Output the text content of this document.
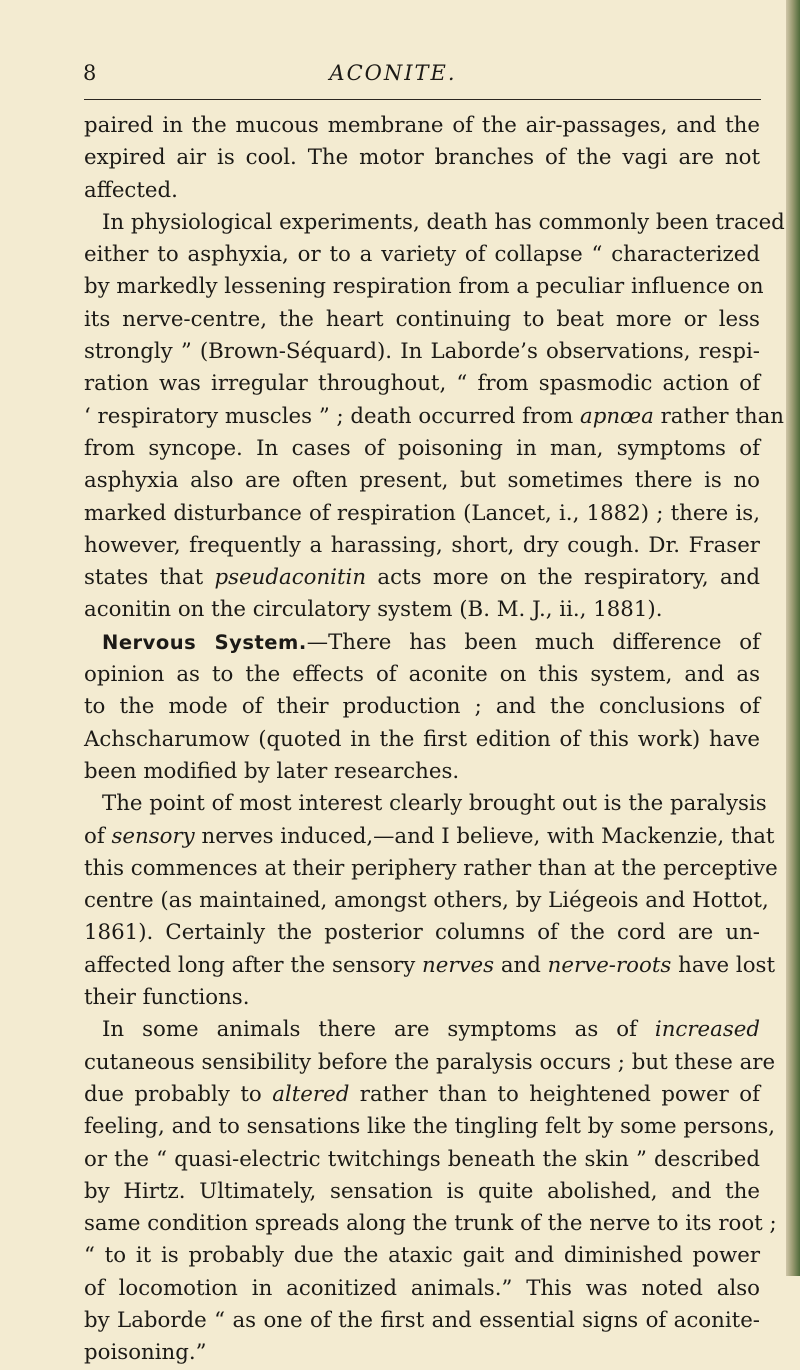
8	ACONITE.
paired in the mucous membrane of the air-passages, and the
expired air is cool. The motor branches of the vagi are not
affected.
In physiological experiments, death has commonly been traced
either to asphyxia, or to a variety of collapse “ characterized
by markedly lessening respiration from a peculiar influence on
its nerve-centre, the heart continuing to beat more or less
strongly ” (Brown-Séquard). In Laborde’s observations, respi-
ration was irregular throughout, “ from spasmodic action of
‘ respiratory muscles ” ; death occurred from apnœa rather than
from syncope. In cases of poisoning in man, symptoms of
asphyxia also are often present, but sometimes there is no
marked disturbance of respiration (Lancet, i., 1882) ; there is,
however, frequently a harassing, short, dry cough. Dr. Fraser
states that pseudaconitin acts more on the respiratory, and
aconitin on the circulatory system (B. M. J., ii., 1881).
Nervous System.—There has been much difference of
opinion as to the effects of aconite on this system, and as
to the mode of their production ; and the conclusions of
Achscharumow (quoted in the first edition of this work) have
been modified by later researches.
The point of most interest clearly brought out is the paralysis
of sensory nerves induced,—and I believe, with Mackenzie, that
this commences at their periphery rather than at the perceptive
centre (as maintained, amongst others, by Liégeois and Hottot,
1861). Certainly the posterior columns of the cord are un-
affected long after the sensory nerves and nerve-roots have lost
their functions.
In some animals there are symptoms as of increased
cutaneous sensibility before the paralysis occurs ; but these are
due probably to altered rather than to heightened power of
feeling, and to sensations like the tingling felt by some persons,
or the “ quasi-electric twitchings beneath the skin ” described
by Hirtz. Ultimately, sensation is quite abolished, and the
same condition spreads along the trunk of the nerve to its root ;
“ to it is probably due the ataxic gait and diminished power
of locomotion in aconitized animals.” This was noted also
by Laborde “ as one of the first and essential signs of aconite-
poisoning.”
